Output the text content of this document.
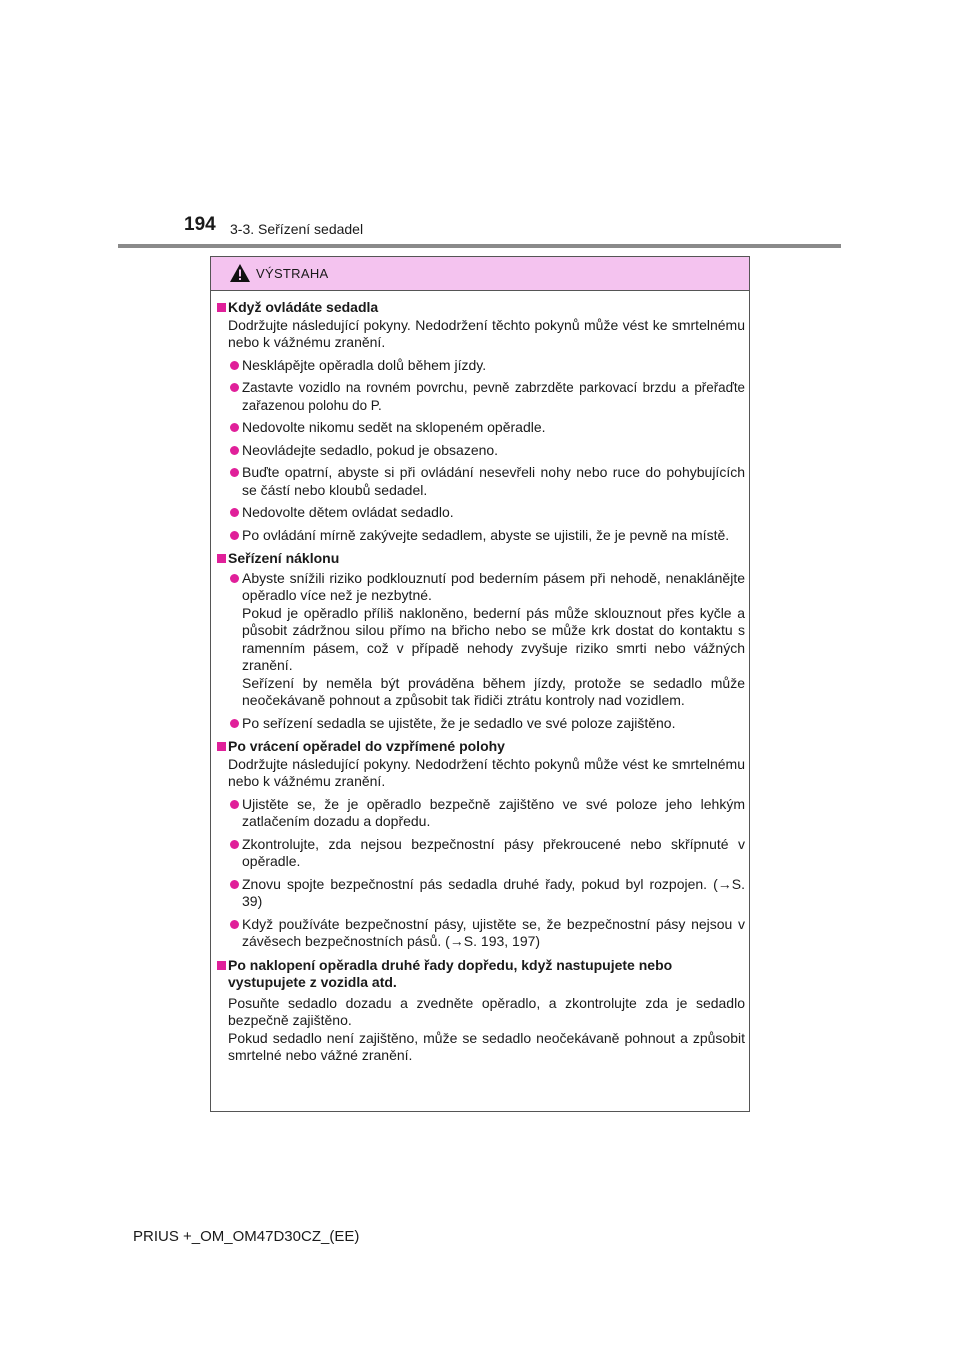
194 3-3. Seřízení sedadel
VÝSTRAHA

Když ovládáte sedadla

Dodržujte následující pokyny. Nedodržení těchto pokynů může vést ke smrtelnému nebo k vážnému zranění.

Nesklápějte opěradla dolů během jízdy.

Zastavte vozidlo na rovném povrchu, pevně zabrzděte parkovací brzdu a přeřaďte zařazenou polohu do P.

Nedovolte nikomu sedět na sklopeném opěradle.

Neovládejte sedadlo, pokud je obsazeno.

Buďte opatrní, abyste si při ovládání nesevřeli nohy nebo ruce do pohybujících se částí nebo kloubů sedadel.

Nedovolte dětem ovládat sedadlo.

Po ovládání mírně zakývejte sedadlem, abyste se ujistili, že je pevně na místě.

Seřízení náklonu

Abyste snížili riziko podklouznutí pod bederním pásem při nehodě, nenaklánějte opěradlo více než je nezbytné.

Pokud je opěradlo příliš nakloněno, bederní pás může sklouznout přes kyčle a působit zádržnou silou přímo na břicho nebo se může krk dostat do kontaktu s ramenním pásem, což v případě nehody zvyšuje riziko smrti nebo vážných zranění.

Seřízení by neměla být prováděna během jízdy, protože se sedadlo může neočekávaně pohnout a způsobit tak řidiči ztrátu kontroly nad vozidlem.

Po seřízení sedadla se ujistěte, že je sedadlo ve své poloze zajištěno.

Po vrácení opěradel do vzpřímené polohy

Dodržujte následující pokyny. Nedodržení těchto pokynů může vést ke smrtelnému nebo k vážnému zranění.

Ujistěte se, že je opěradlo bezpečně zajištěno ve své poloze jeho lehkým zatlačením dozadu a dopředu.

Zkontrolujte, zda nejsou bezpečnostní pásy překroucené nebo skřípnuté v opěradle.

Znovu spojte bezpečnostní pás sedadla druhé řady, pokud byl rozpojen. (→S. 39)

Když používáte bezpečnostní pásy, ujistěte se, že bezpečnostní pásy nejsou v závěsech bezpečnostních pásů. (→S. 193, 197)

Po naklopení opěradla druhé řady dopředu, když nastupujete nebo vystupujete z vozidla atd.

Posuňte sedadlo dozadu a zvedněte opěradlo, a zkontrolujte zda je sedadlo bezpečně zajištěno.

Pokud sedadlo není zajištěno, může se sedadlo neočekávaně pohnout a způsobit smrtelné nebo vážné zranění.

PRIUS +_OM_OM47D30CZ_(EE)
